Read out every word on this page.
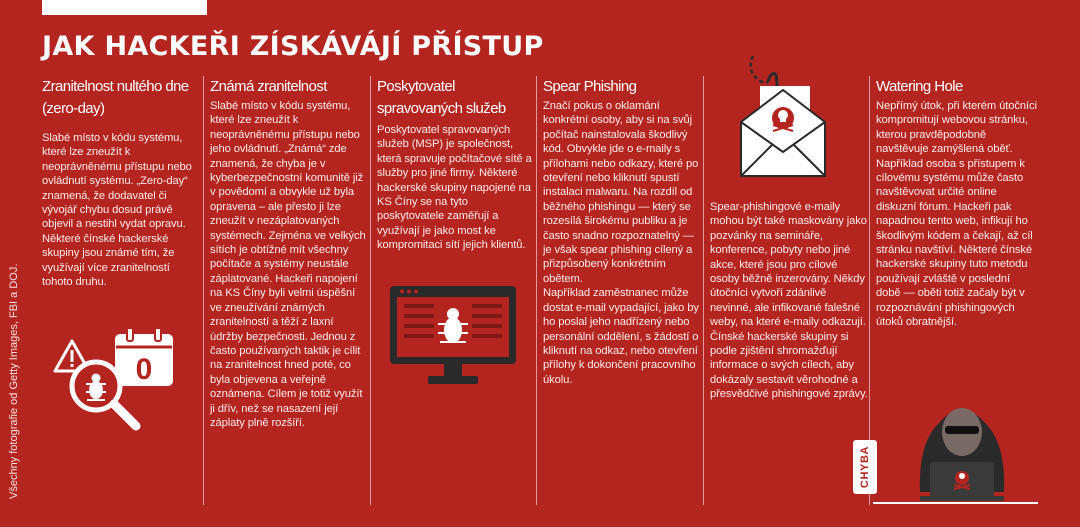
Všechny fotografie od Getty Images, FBI a DOJ.
JAK HACKEŘI ZÍSKÁVÁJÍ PŘÍSTUP
Zranitelnost nultého dne (zero-day)

Slabé místo v kódu systému, které lze zneužít k neoprávněnému přístupu nebo ovládnutí systému. „Zero-day“ znamená, že dodavatel či vývojář chybu dosud právě objevil a nestihl vydat opravu. Některé čínské hackerské skupiny jsou známé tím, že využívají více zranitelností tohoto druhu.

0
Známá zranitelnost

Slabé místo v kódu systému, které lze zneužít k neoprávněnému přístupu nebo jeho ovládnutí. „Známá“ zde znamená, že chyba je v kyberbezpečnostní komunitě již v povědomí a obvykle už byla opravena – ale přesto ji lze zneužít v nezáplatovaných systémech. Zejména ve velkých sítích je obtížné mít všechny počítače a systémy neustále záplatované. Hackeři napojení na KS Číny byli velmi úspěšní ve zneužívání známých zranitelností a těží z laxní údržby bezpečnosti. Jednou z často používaných taktik je cílit na zranitelnost hned poté, co byla objevena a veřejně oznámena. Cílem je totiž využít ji dřív, než se nasazení její záplaty plně rozšíří.

Poskytovatel spravovaných služeb

Poskytovatel spravovaných služeb (MSP) je společnost, která spravuje počítačové sítě a služby pro jiné firmy. Některé hackerské skupiny napojené na KS Číny se na tyto poskytovatele zaměřují a využívají je jako most ke kompromitaci sítí jejich klientů.

Spear Phishing

Značí pokus o oklamání konkrétní osoby, aby si na svůj počítač nainstalovala škodlivý kód. Obvykle jde o e-maily s přílohami nebo odkazy, které po otevření nebo kliknutí spustí instalaci malwaru. Na rozdíl od běžného phishingu — který se rozesílá širokému publiku a je často snadno rozpoznatelný — je však spear phishing cílený a přizpůsobený konkrétním obětem.
Například zaměstnanec může dostat e-mail vypadající, jako by ho poslal jeho nadřízený nebo personální oddělení, s žádostí o kliknutí na odkaz, nebo otevření přílohy k dokončení pracovního úkolu.

Spear-phishingové e-maily mohou být také maskovány jako pozvánky na semináře, konference, pobyty nebo jiné akce, které jsou pro cílové osoby běžně inzerovány. Někdy útočníci vytvoří zdánlivě nevinné, ale infikované falešné weby, na které e-maily odkazují. Čínské hackerské skupiny si podle zjištění shromažďují informace o svých cílech, aby dokázaly sestavit věrohodné a přesvědčivé phishingové zprávy.

Watering Hole

Nepřímý útok, při kterém útočníci kompromitují webovou stránku, kterou pravděpodobně navštěvuje zamýšlená oběť. Například osoba s přístupem k cílovému systému může často navštěvovat určité online diskuzní fórum. Hackeři pak napadnou tento web, infikují ho škodlivým kódem a čekají, až cíl stránku navštíví. Některé čínské hackerské skupiny tuto metodu používají zvláště v poslední době — oběti totiž začaly být v rozpoznávání phishingových útoků obratnější.

CHYBA
